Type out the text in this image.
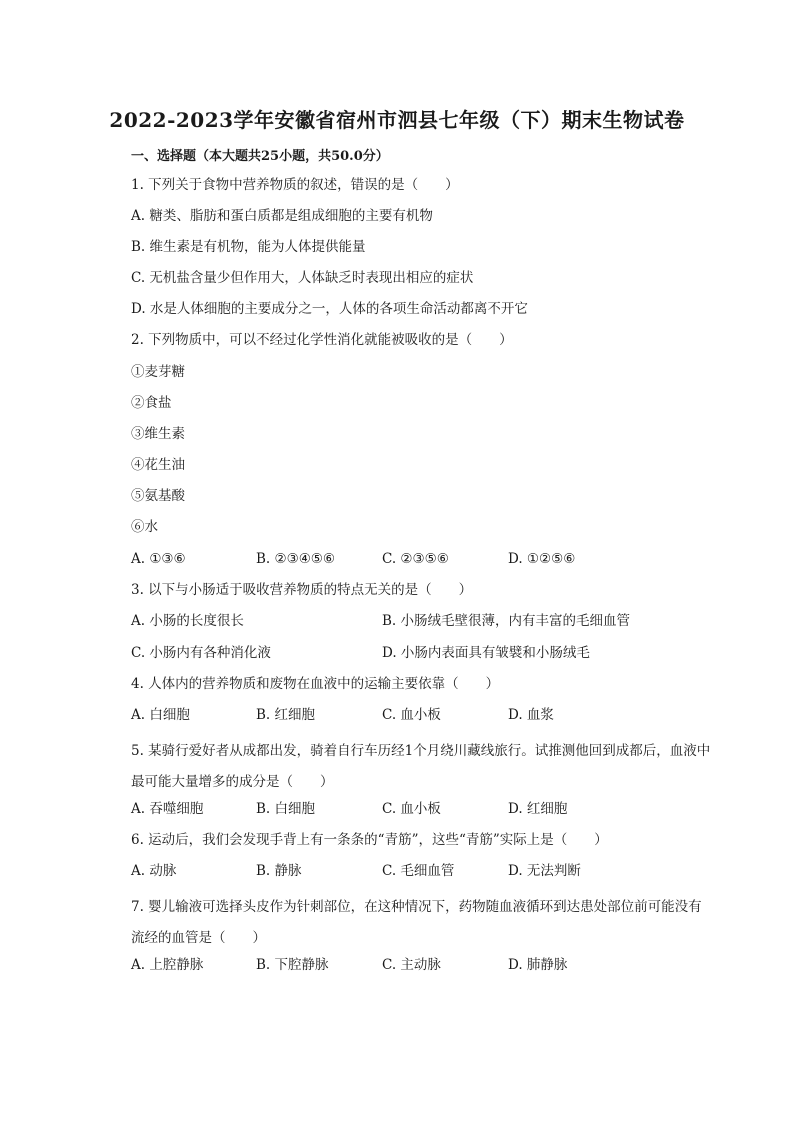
2022-2023学年安徽省宿州市泗县七年级（下）期末生物试卷

一、选择题（本大题共25小题，共50.0分）

1. 下列关于食物中营养物质的叙述，错误的是（　　）

A. 糖类、脂肪和蛋白质都是组成细胞的主要有机物

B. 维生素是有机物，能为人体提供能量

C. 无机盐含量少但作用大，人体缺乏时表现出相应的症状

D. 水是人体细胞的主要成分之一，人体的各项生命活动都离不开它

2. 下列物质中，可以不经过化学性消化就能被吸收的是（　　）

①麦芽糖

②食盐

③维生素

④花生油

⑤氨基酸

⑥水

A. ①③⑥	B. ②③④⑤⑥	C. ②③⑤⑥	D. ①②⑤⑥

3. 以下与小肠适于吸收营养物质的特点无关的是（　　）

A. 小肠的长度很长	B. 小肠绒毛壁很薄，内有丰富的毛细血管
C. 小肠内有各种消化液	D. 小肠内表面具有皱襞和小肠绒毛

4. 人体内的营养物质和废物在血液中的运输主要依靠（　　）

A. 白细胞	B. 红细胞	C. 血小板	D. 血浆

5. 某骑行爱好者从成都出发，骑着自行车历经1个月绕川藏线旅行。试推测他回到成都后，血液中最可能大量增多的成分是（　　）

A. 吞噬细胞	B. 白细胞	C. 血小板	D. 红细胞

6. 运动后，我们会发现手背上有一条条的“青筋”，这些“青筋”实际上是（　　）

A. 动脉	B. 静脉	C. 毛细血管	D. 无法判断

7. 婴儿输液可选择头皮作为针刺部位，在这种情况下，药物随血液循环到达患处部位前可能没有流经的血管是（　　）

A. 上腔静脉	B. 下腔静脉	C. 主动脉	D. 肺静脉
